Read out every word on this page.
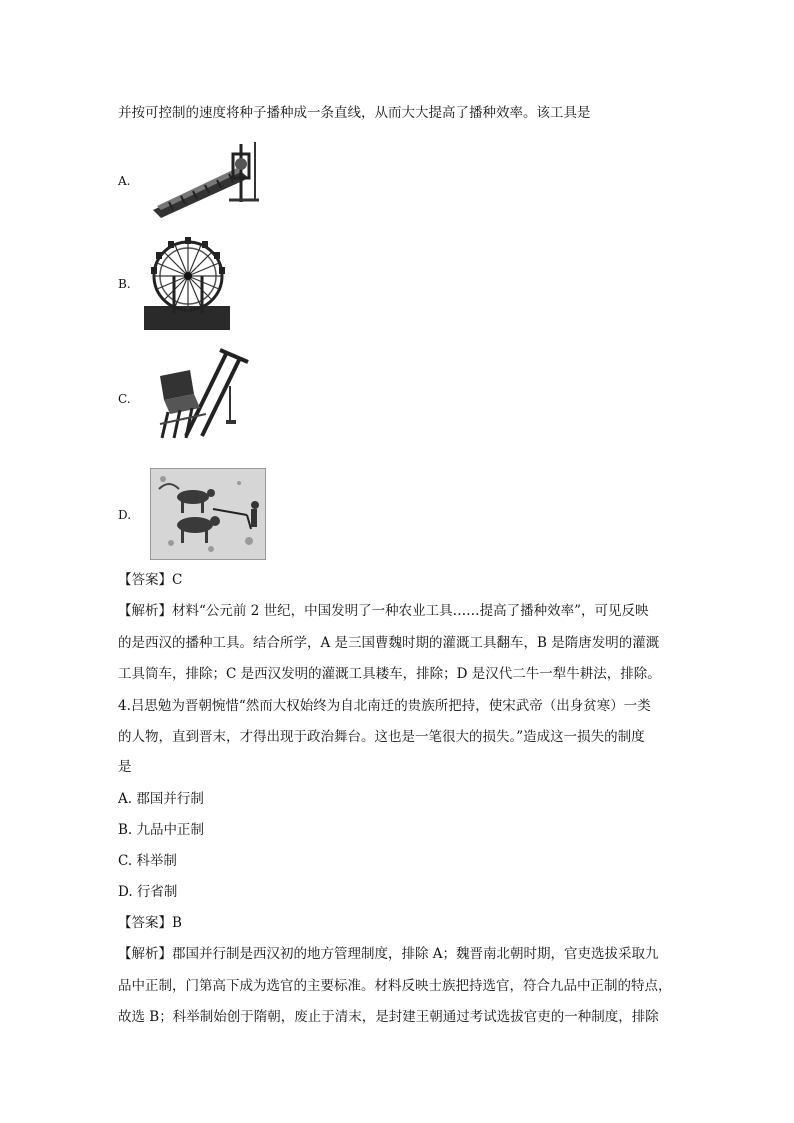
并按可控制的速度将种子播种成一条直线，从而大大提高了播种效率。该工具是
A.
B.
C.
D.
【答案】C
【解析】材料“公元前 2 世纪，中国发明了一种农业工具……提高了播种效率”，可见反映
的是西汉的播种工具。结合所学，A 是三国曹魏时期的灌溉工具翻车，B 是隋唐发明的灌溉
工具筒车，排除；C 是西汉发明的灌溉工具耧车，排除；D 是汉代二牛一犁牛耕法，排除。
4.吕思勉为晋朝惋惜“然而大权始终为自北南迁的贵族所把持，使宋武帝（出身贫寒）一类
的人物，直到晋末，才得出现于政治舞台。这也是一笔很大的损失。”造成这一损失的制度
是
A. 郡国并行制
B. 九品中正制
C. 科举制
D. 行省制
【答案】B
【解析】郡国并行制是西汉初的地方管理制度，排除 A；魏晋南北朝时期，官吏选拔采取九
品中正制，门第高下成为选官的主要标准。材料反映士族把持选官，符合九品中正制的特点，
故选 B；科举制始创于隋朝，废止于清末，是封建王朝通过考试选拔官吏的一种制度，排除
